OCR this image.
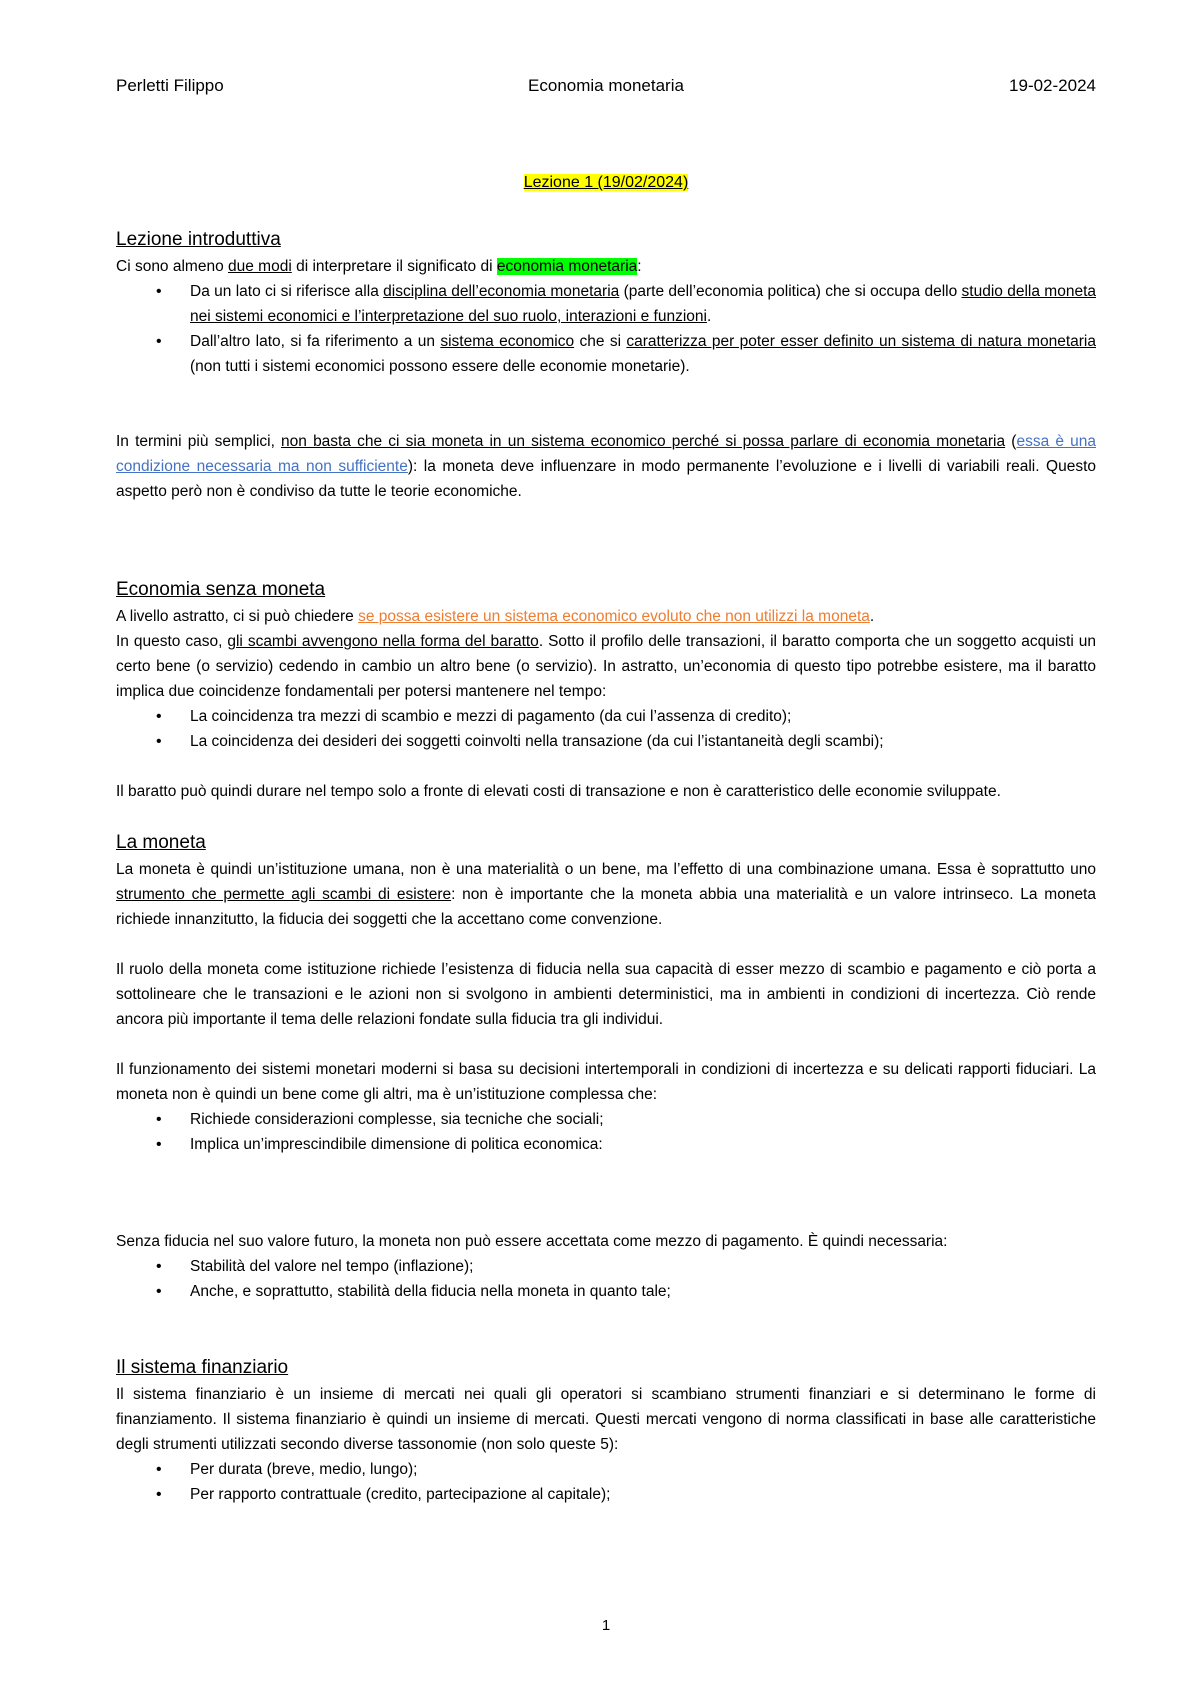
Perletti Filippo	Economia monetaria	19-02-2024
Lezione 1 (19/02/2024)
Lezione introduttiva

Ci sono almeno due modi di interpretare il significato di economia monetaria:

• Da un lato ci si riferisce alla disciplina dell’economia monetaria (parte dell’economia politica) che si occupa dello studio della moneta nei sistemi economici e l’interpretazione del suo ruolo, interazioni e funzioni.
• Dall’altro lato, si fa riferimento a un sistema economico che si caratterizza per poter esser definito un sistema di natura monetaria (non tutti i sistemi economici possono essere delle economie monetarie).

In termini più semplici, non basta che ci sia moneta in un sistema economico perché si possa parlare di economia monetaria (essa è una condizione necessaria ma non sufficiente): la moneta deve influenzare in modo permanente l’evoluzione e i livelli di variabili reali. Questo aspetto però non è condiviso da tutte le teorie economiche.

Economia senza moneta

A livello astratto, ci si può chiedere se possa esistere un sistema economico evoluto che non utilizzi la moneta.

In questo caso, gli scambi avvengono nella forma del baratto. Sotto il profilo delle transazioni, il baratto comporta che un soggetto acquisti un certo bene (o servizio) cedendo in cambio un altro bene (o servizio). In astratto, un’economia di questo tipo potrebbe esistere, ma il baratto implica due coincidenze fondamentali per potersi mantenere nel tempo:

• La coincidenza tra mezzi di scambio e mezzi di pagamento (da cui l’assenza di credito);
• La coincidenza dei desideri dei soggetti coinvolti nella transazione (da cui l’istantaneità degli scambi);

Il baratto può quindi durare nel tempo solo a fronte di elevati costi di transazione e non è caratteristico delle economie sviluppate.

La moneta

La moneta è quindi un’istituzione umana, non è una materialità o un bene, ma l’effetto di una combinazione umana. Essa è soprattutto uno strumento che permette agli scambi di esistere: non è importante che la moneta abbia una materialità e un valore intrinseco. La moneta richiede innanzitutto, la fiducia dei soggetti che la accettano come convenzione.

Il ruolo della moneta come istituzione richiede l’esistenza di fiducia nella sua capacità di esser mezzo di scambio e pagamento e ciò porta a sottolineare che le transazioni e le azioni non si svolgono in ambienti deterministici, ma in ambienti in condizioni di incertezza. Ciò rende ancora più importante il tema delle relazioni fondate sulla fiducia tra gli individui.

Il funzionamento dei sistemi monetari moderni si basa su decisioni intertemporali in condizioni di incertezza e su delicati rapporti fiduciari. La moneta non è quindi un bene come gli altri, ma è un’istituzione complessa che:

• Richiede considerazioni complesse, sia tecniche che sociali;
• Implica un’imprescindibile dimensione di politica economica:

Senza fiducia nel suo valore futuro, la moneta non può essere accettata come mezzo di pagamento. È quindi necessaria:

• Stabilità del valore nel tempo (inflazione);
• Anche, e soprattutto, stabilità della fiducia nella moneta in quanto tale;
Il sistema finanziario

Il sistema finanziario è un insieme di mercati nei quali gli operatori si scambiano strumenti finanziari e si determinano le forme di finanziamento. Il sistema finanziario è quindi un insieme di mercati. Questi mercati vengono di norma classificati in base alle caratteristiche degli strumenti utilizzati secondo diverse tassonomie (non solo queste 5):

• Per durata (breve, medio, lungo);
• Per rapporto contrattuale (credito, partecipazione al capitale);
1
